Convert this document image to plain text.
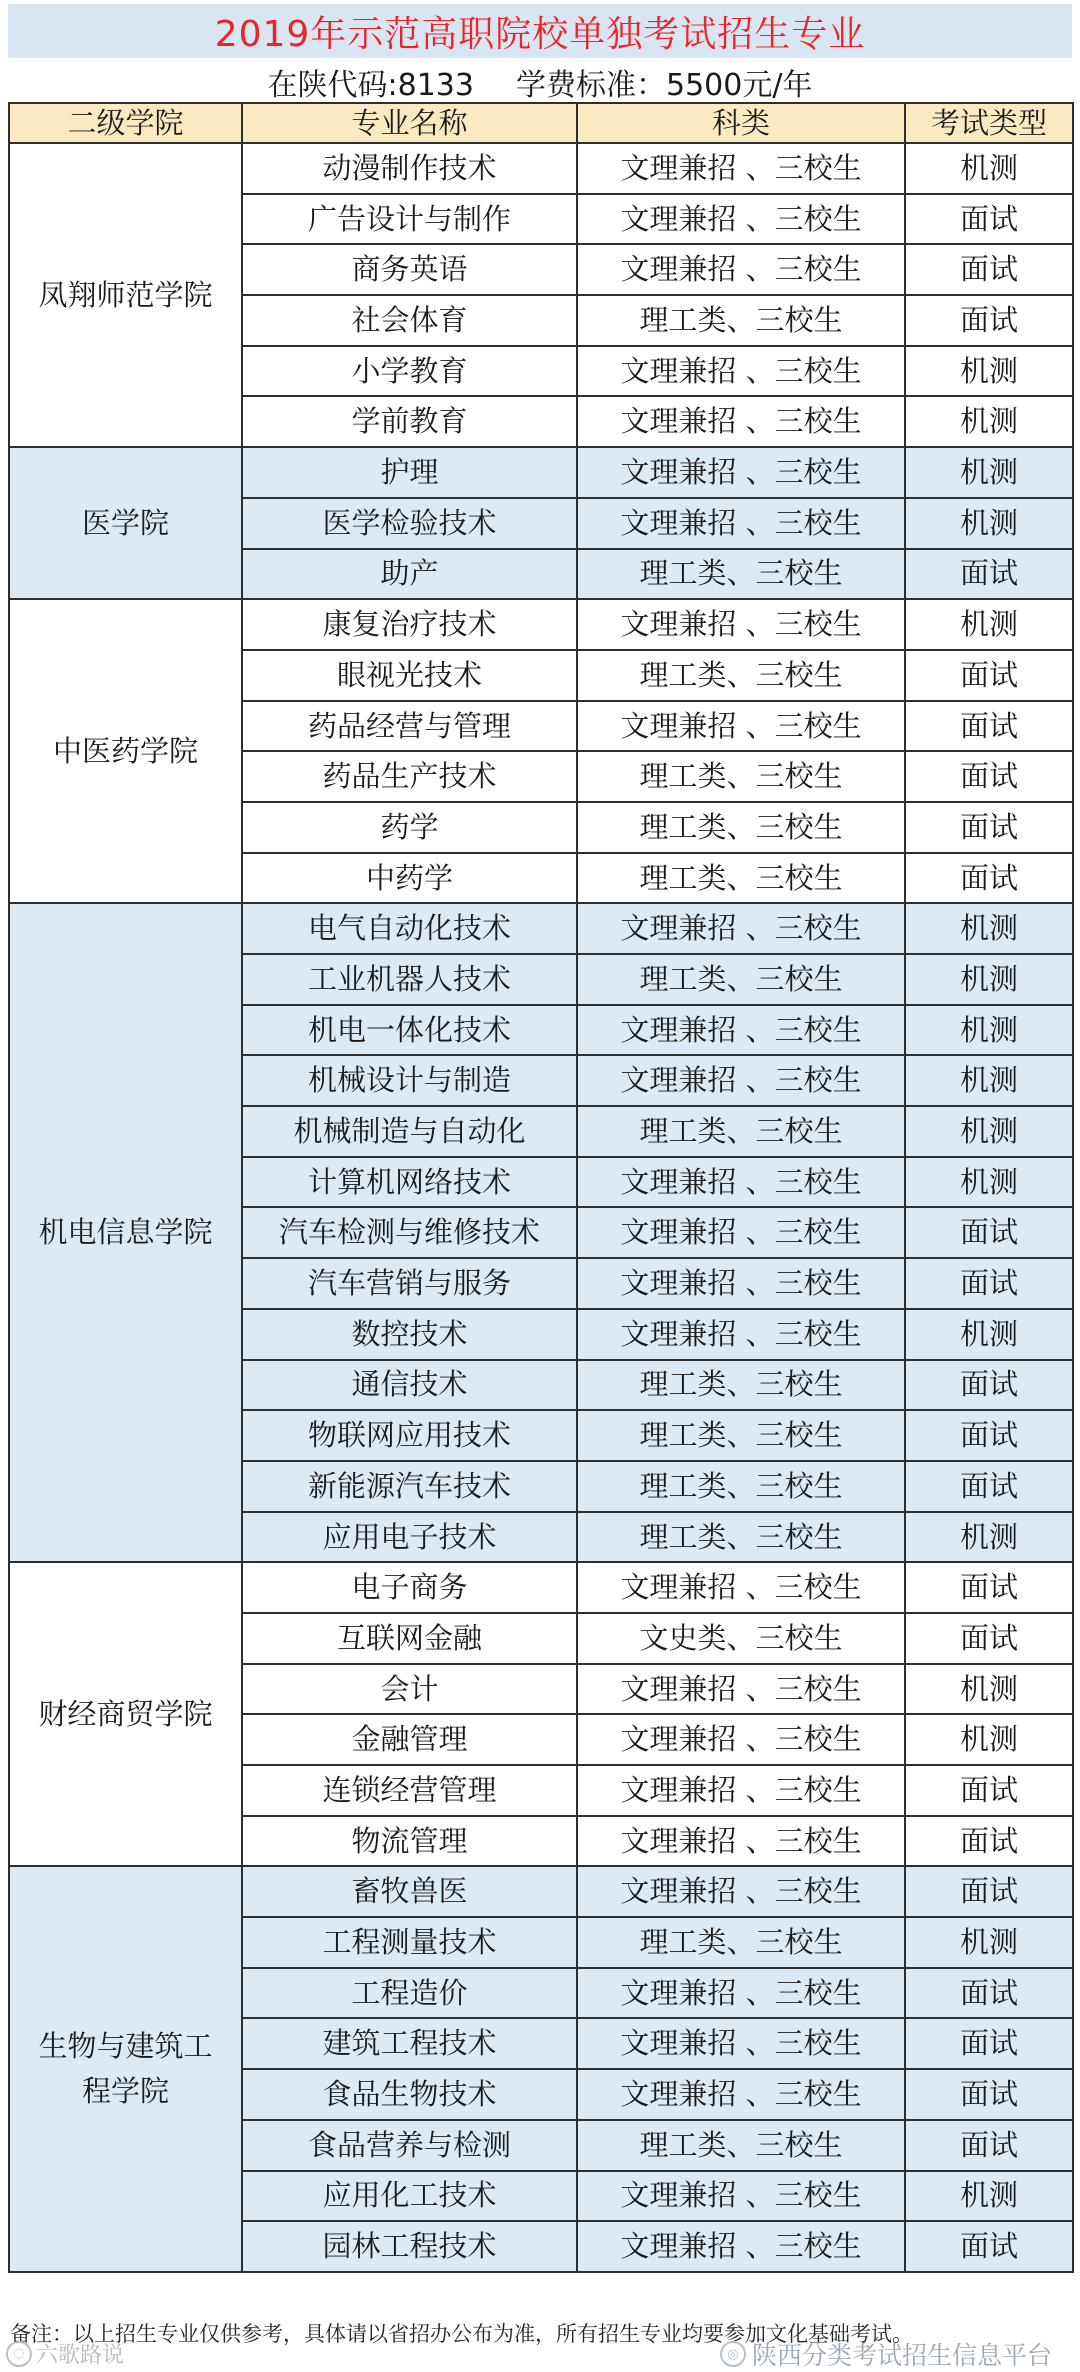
2019年示范高职院校单独考试招生专业
在陕代码:8133 学费标准：5500元/年
二级学院	专业名称	科类	考试类型
凤翔师范学院	动漫制作技术	文理兼招 、三校生	机测
	广告设计与制作	文理兼招 、三校生	面试
	商务英语	文理兼招 、三校生	面试
	社会体育	理工类、三校生	面试
	小学教育	文理兼招 、三校生	机测
	学前教育	文理兼招 、三校生	机测
医学院	护理	文理兼招 、三校生	机测
	医学检验技术	文理兼招 、三校生	机测
	助产	理工类、三校生	面试
中医药学院	康复治疗技术	文理兼招 、三校生	机测
	眼视光技术	理工类、三校生	面试
	药品经营与管理	文理兼招 、三校生	面试
	药品生产技术	理工类、三校生	面试
	药学	理工类、三校生	面试
	中药学	理工类、三校生	面试
机电信息学院	电气自动化技术	文理兼招 、三校生	机测
	工业机器人技术	理工类、三校生	机测
	机电一体化技术	文理兼招 、三校生	机测
	机械设计与制造	文理兼招 、三校生	机测
	机械制造与自动化	理工类、三校生	机测
	计算机网络技术	文理兼招 、三校生	机测
	汽车检测与维修技术	文理兼招 、三校生	面试
	汽车营销与服务	文理兼招 、三校生	面试
	数控技术	文理兼招 、三校生	机测
	通信技术	理工类、三校生	面试
	物联网应用技术	理工类、三校生	面试
	新能源汽车技术	理工类、三校生	面试
	应用电子技术	理工类、三校生	机测
财经商贸学院	电子商务	文理兼招 、三校生	面试
	互联网金融	文史类、三校生	面试
	会计	文理兼招 、三校生	机测
	金融管理	文理兼招 、三校生	机测
	连锁经营管理	文理兼招 、三校生	面试
	物流管理	文理兼招 、三校生	面试
生物与建筑工
程学院	畜牧兽医	文理兼招 、三校生	面试
	工程测量技术	理工类、三校生	机测
	工程造价	文理兼招 、三校生	面试
	建筑工程技术	文理兼招 、三校生	面试
	食品生物技术	文理兼招 、三校生	面试
	食品营养与检测	理工类、三校生	面试
	应用化工技术	文理兼招 、三校生	机测
	园林工程技术	文理兼招 、三校生	面试
备注：以上招生专业仅供参考，具体请以省招办公布为准，所有招生专业均要参加文化基础考试。
◎ 陕西分类考试招生信息平台
◌ 六歌路说
